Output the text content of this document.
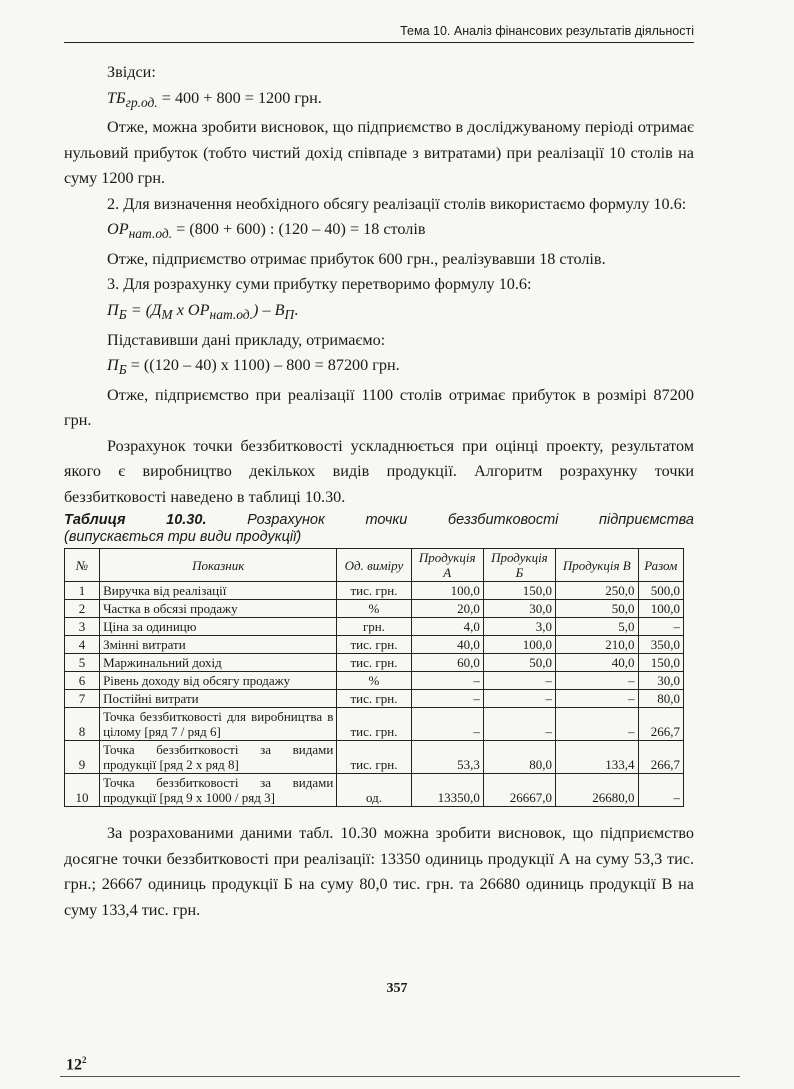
Тема 10. Аналіз фінансових результатів діяльності

Звідси:

$ТБ_{гр.од.} = 400 + 800 = 1200$ грн.

Отже, можна зробити висновок, що підприємство в досліджуваному періоді отримає нульовий прибуток (тобто чистий дохід співпаде з витратами) при реалізації 10 столів на суму 1200 грн.

2. Для визначення необхідного обсягу реалізації столів використаємо формулу 10.6:

$ОР_{нат.од.} = (800 + 600)$ : (120 – 40) = 18 столів

Отже, підприємство отримає прибуток 600 грн., реалізувавши 18 столів.

3. Для розрахунку суми прибутку перетворимо формулу 10.6:

$П_Б = (Д_М$ х $ОР_{нат.од.}) - В_П$.

Підставивши дані прикладу, отримаємо:

$П_Б = ((120 - 40)$ х 1100) – 800 = 87200 грн.

Отже, підприємство при реалізації 1100 столів отримає прибуток в розмірі 87200 грн.

Розрахунок точки беззбитковості ускладнюється при оцінці проекту, результатом якого є виробництво декількох видів продукції. Алгоритм розрахунку точки беззбитковості наведено в таблиці 10.30.

Таблиця 10.30.	Розрахунок точки беззбитковості підприємства

(випускається три види продукції)

№	Показник	Од. виміру	Продукція А	Продукція Б	Продукція В	Разом
1	Виручка від реалізації	тис. грн.	100,0	150,0	250,0	500,0
2	Частка в обсязі продажу	%	20,0	30,0	50,0	100,0
3	Ціна за одиницю	грн.	4,0	3,0	5,0	–
4	Змінні витрати	тис. грн.	40,0	100,0	210,0	350,0
5	Маржинальний дохід	тис. грн.	60,0	50,0	40,0	150,0
6	Рівень доходу від обсягу продажу	%	–	–	–	30,0
7	Постійні витрати	тис. грн.	–	–	–	80,0
8	Точка беззбитковості для виробництва в цілому [ряд 7 / ряд 6]	тис. грн.	–	–	–	266,7
9	Точка беззбитковості за видами продукції [ряд 2 х ряд 8]	тис. грн.	53,3	80,0	133,4	266,7
10	Точка беззбитковості за видами продукції [ряд 9 х 1000 / ряд 3]	од.	13350,0	26667,0	26680,0	–

За розрахованими даними табл. 10.30 можна зробити висновок, що підприємство досягне точки беззбитковості при реалізації: 13350 одиниць продукції А на суму 53,3 тис. грн.; 26667 одиниць продукції Б на суму 80,0 тис. грн. та 26680 одиниць продукції В на суму 133,4 тис. грн.

357
$12^2$
